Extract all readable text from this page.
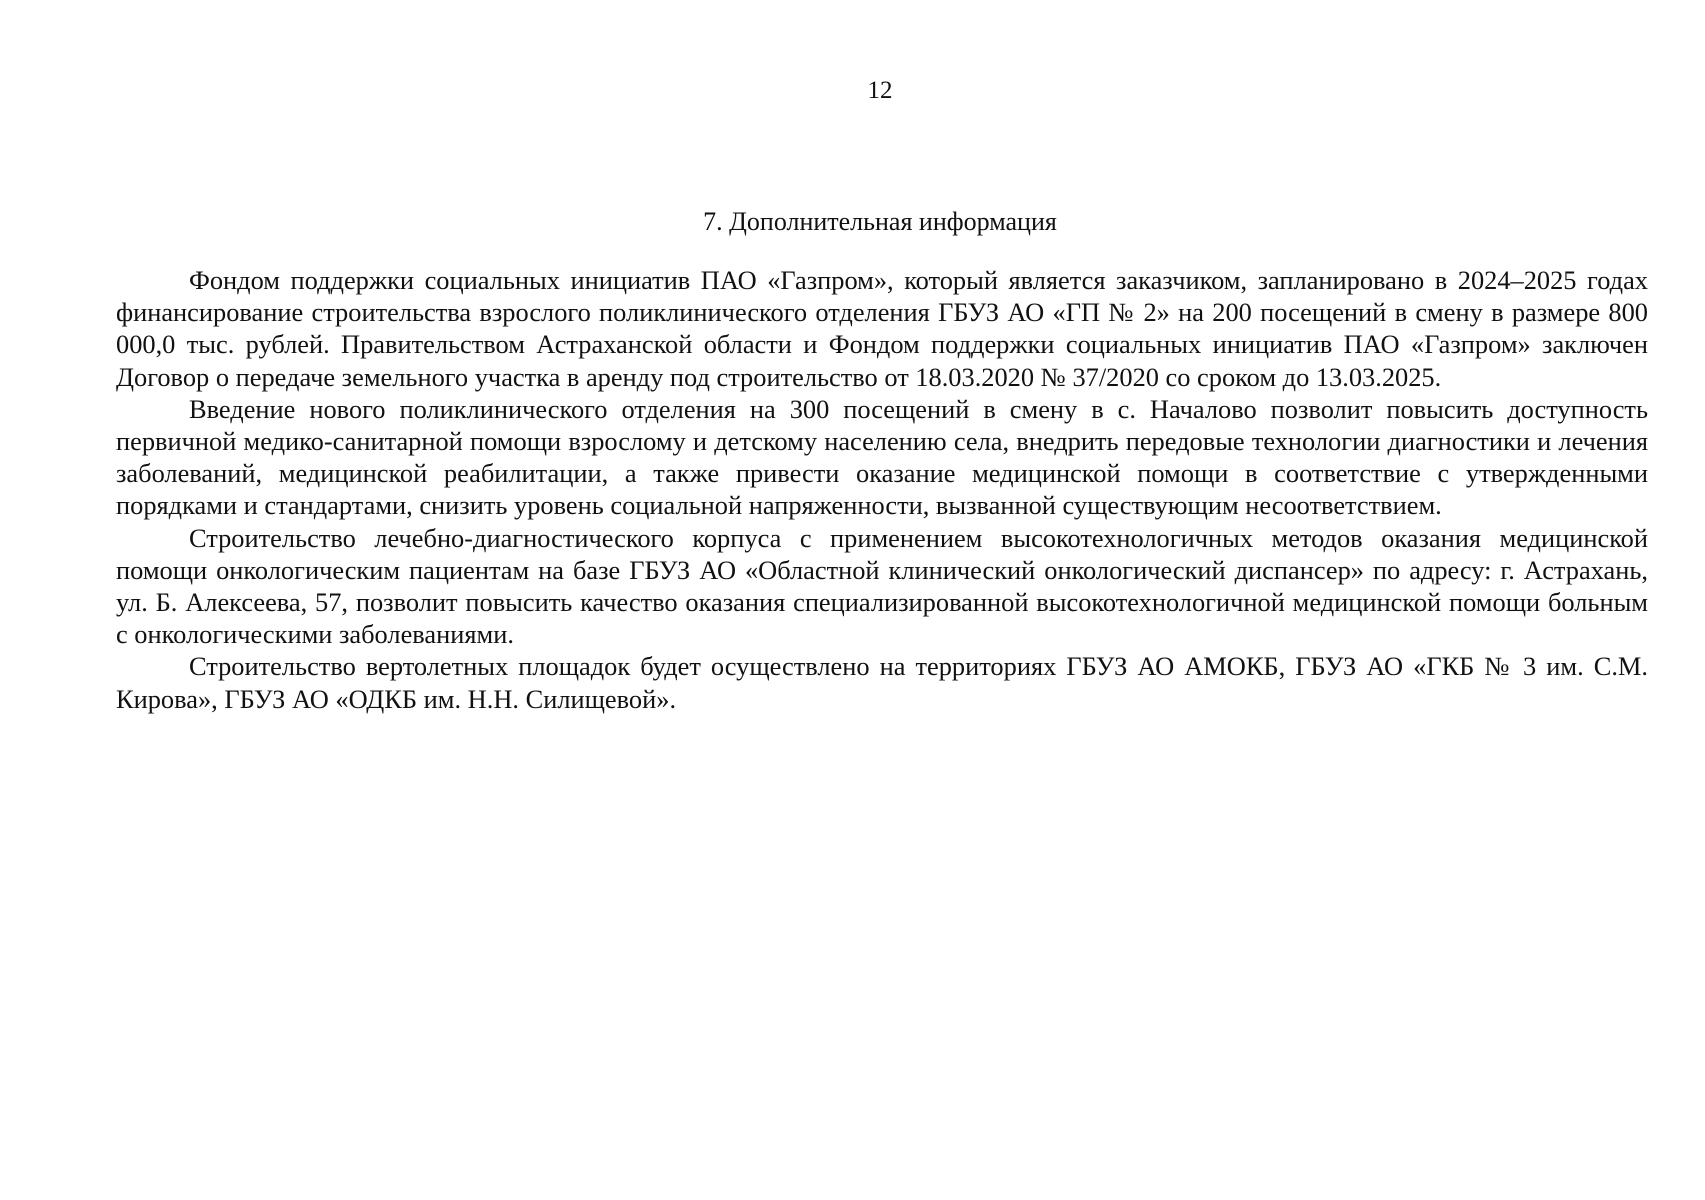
12
7. Дополнительная информация

Фондом поддержки социальных инициатив ПАО «Газпром», который является заказчиком, запланировано в 2024–2025 годах финансирование строительства взрослого поликлинического отделения ГБУЗ АО «ГП № 2» на 200 посещений в смену в размере 800 000,0 тыс. рублей. Правительством Астраханской области и Фондом поддержки социальных инициатив ПАО «Газпром» заключен Договор о передаче земельного участка в аренду под строительство от 18.03.2020 № 37/2020 со сроком до 13.03.2025.

Введение нового поликлинического отделения на 300 посещений в смену в с. Началово позволит повысить доступность первичной медико-санитарной помощи взрослому и детскому населению села, внедрить передовые технологии диагностики и лечения заболеваний, медицинской реабилитации, а также привести оказание медицинской помощи в соответствие с утвержденными порядками и стандартами, снизить уровень социальной напряженности, вызванной существующим несоответствием.

Строительство лечебно-диагностического корпуса с применением высокотехнологичных методов оказания медицинской помощи онкологическим пациентам на базе ГБУЗ АО «Областной клинический онкологический диспансер» по адресу: г. Астрахань, ул. Б. Алексеева, 57, позволит повысить качество оказания специализированной высокотехнологичной медицинской помощи больным с онкологическими заболеваниями.

Строительство вертолетных площадок будет осуществлено на территориях ГБУЗ АО АМОКБ, ГБУЗ АО «ГКБ № 3 им. С.М. Кирова», ГБУЗ АО «ОДКБ им. Н.Н. Силищевой».
